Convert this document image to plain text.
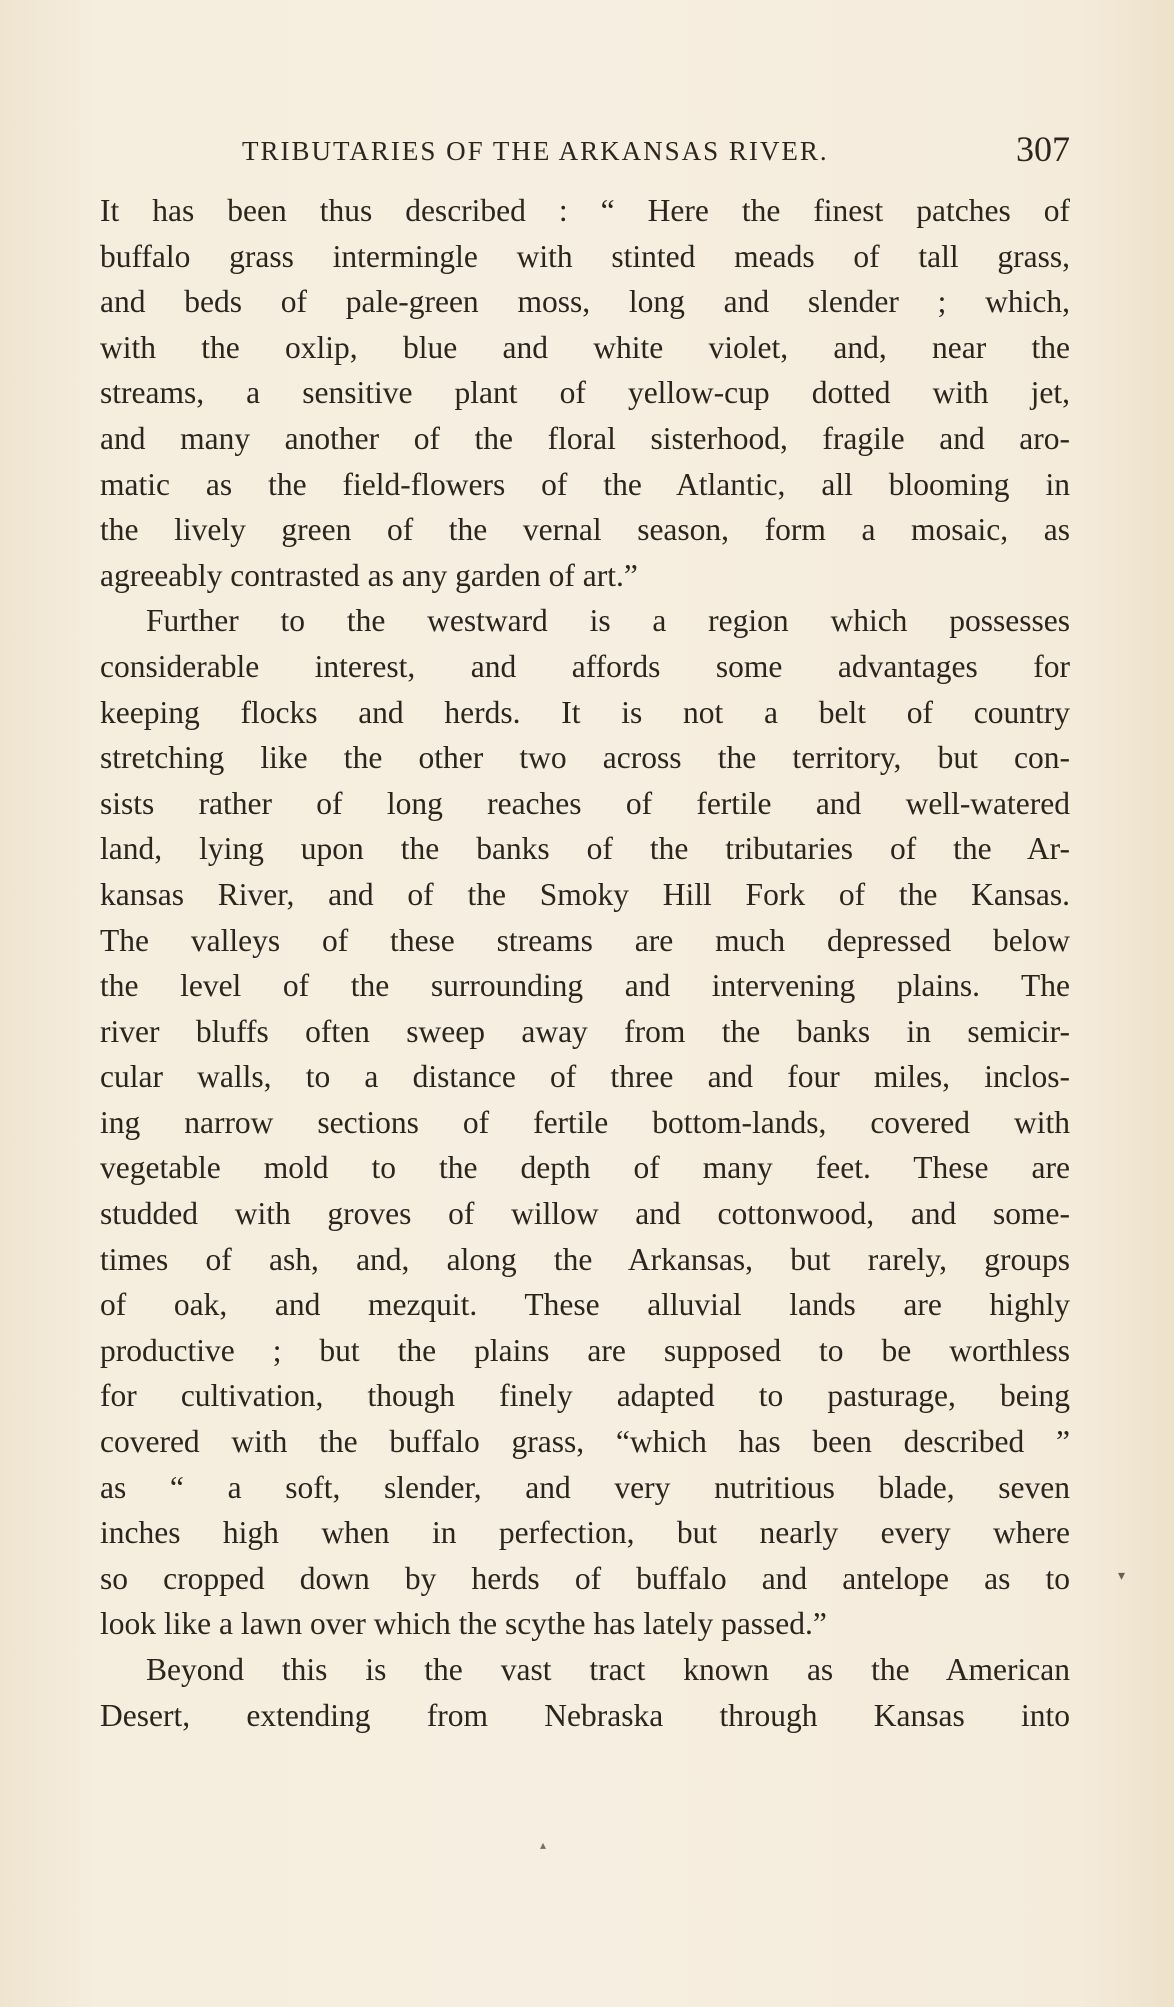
TRIBUTARIES OF THE ARKANSAS RIVER.	307
It has been thus described : “ Here the finest patches of
buffalo grass intermingle with stinted meads of tall grass,
and beds of pale-green moss, long and slender ; which,
with the oxlip, blue and white violet, and, near the
streams, a sensitive plant of yellow-cup dotted with jet,
and many another of the floral sisterhood, fragile and aro-
matic as the field-flowers of the Atlantic, all blooming in
the lively green of the vernal season, form a mosaic, as
agreeably contrasted as any garden of art.”
Further to the westward is a region which possesses
considerable interest, and affords some advantages for
keeping flocks and herds. It is not a belt of country
stretching like the other two across the territory, but con-
sists rather of long reaches of fertile and well-watered
land, lying upon the banks of the tributaries of the Ar-
kansas River, and of the Smoky Hill Fork of the Kansas.
The valleys of these streams are much depressed below
the level of the surrounding and intervening plains. The
river bluffs often sweep away from the banks in semicir-
cular walls, to a distance of three and four miles, inclos-
ing narrow sections of fertile bottom-lands, covered with
vegetable mold to the depth of many feet. These are
studded with groves of willow and cottonwood, and some-
times of ash, and, along the Arkansas, but rarely, groups
of oak, and mezquit. These alluvial lands are highly
productive ; but the plains are supposed to be worthless
for cultivation, though finely adapted to pasturage, being
covered with the buffalo grass, “which has been described ”
as “ a soft, slender, and very nutritious blade, seven
inches high when in perfection, but nearly every where
so cropped down by herds of buffalo and antelope as to
look like a lawn over which the scythe has lately passed.”
Beyond this is the vast tract known as the American
Desert, extending from Nebraska through Kansas into
▾
▴
